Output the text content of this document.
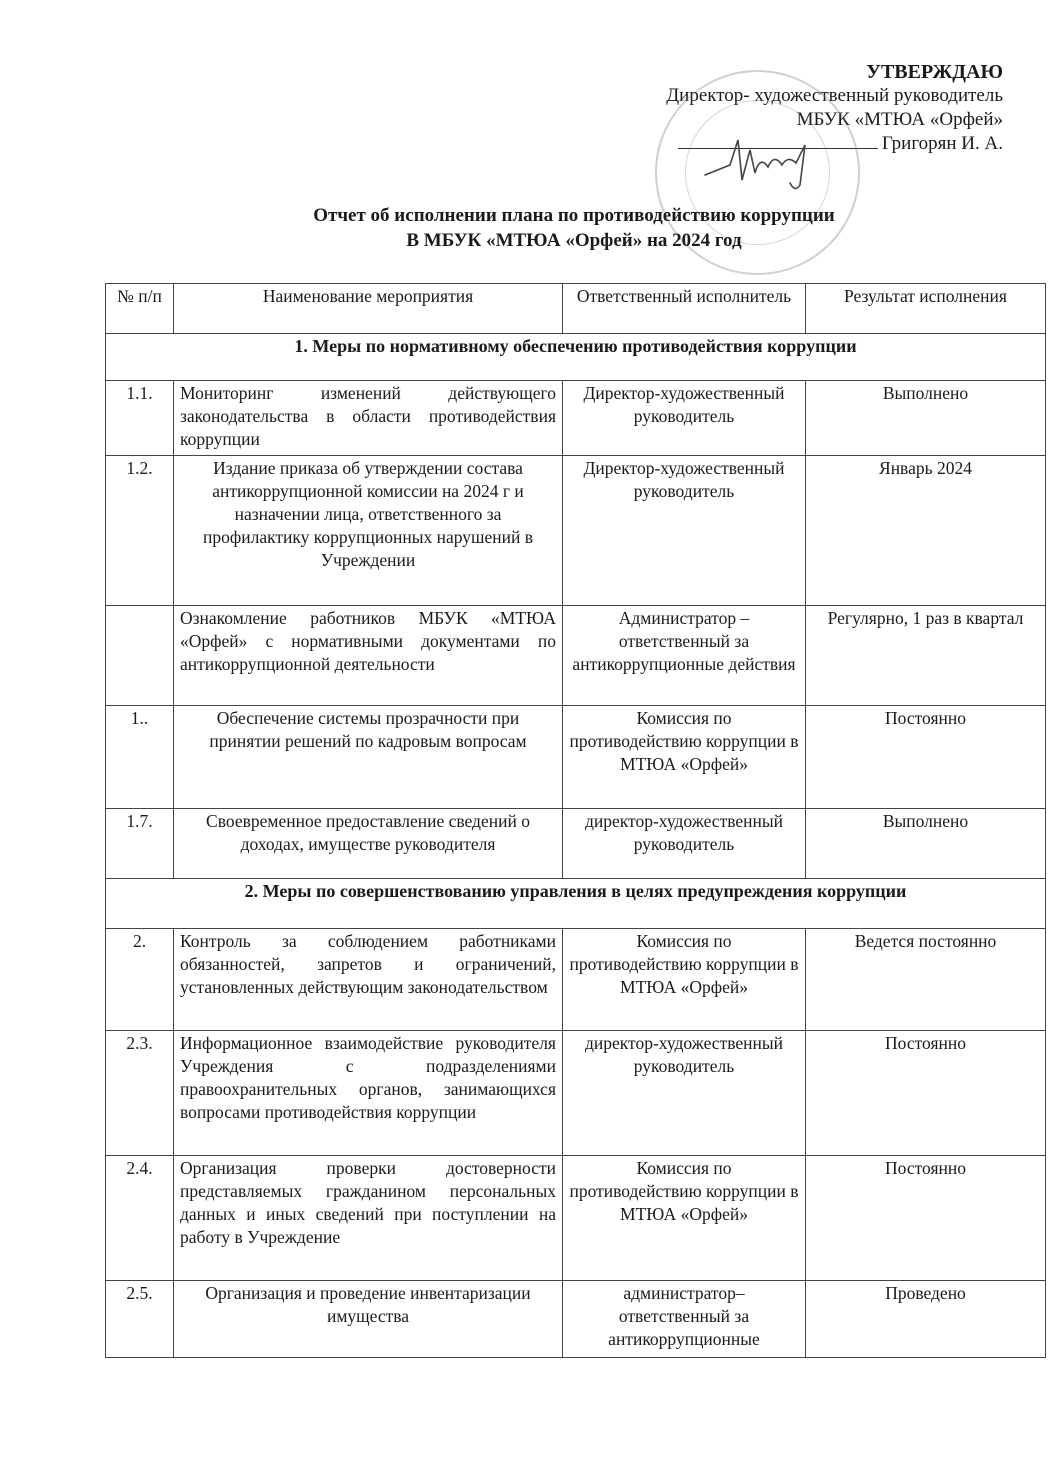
УТВЕРЖДАЮ
Директор- художественный руководитель
МБУК «МТЮА «Орфей»
Григорян И. А.
Отчет об исполнении плана по противодействию коррупции
В МБУК «МТЮА «Орфей» на 2024 год
№ п/п	Наименование мероприятия	Ответственный исполнитель	Результат исполнения
1. Меры по нормативному обеспечению противодействия коррупции			
1.1.	Мониторинг изменений действующего законодательства в области противодействия коррупции	Директор-художественный руководитель	Выполнено
1.2.	Издание приказа об утверждении состава антикоррупционной комиссии на 2024 г и назначении лица, ответственного за профилактику коррупционных нарушений в Учреждении	Директор-художественный руководитель	Январь 2024
	Ознакомление работников МБУК «МТЮА «Орфей» с нормативными документами по антикоррупционной деятельности	Администратор – ответственный за антикоррупционные действия	Регулярно, 1 раз в квартал
1..	Обеспечение системы прозрачности при принятии решений по кадровым вопросам	Комиссия по противодействию коррупции в МТЮА «Орфей»	Постоянно
1.7.	Своевременное предоставление сведений о доходах, имуществе руководителя	директор-художественный руководитель	Выполнено
2. Меры по совершенствованию управления в целях предупреждения коррупции			
2.	Контроль за соблюдением работниками обязанностей, запретов и ограничений, установленных действующим законодательством	Комиссия по противодействию коррупции в МТЮА «Орфей»	Ведется постоянно
2.3.	Информационное взаимодействие руководителя Учреждения с подразделениями правоохранительных органов, занимающихся вопросами противодействия коррупции	директор-художественный руководитель	Постоянно
2.4.	Организация проверки достоверности представляемых гражданином персональных данных и иных сведений при поступлении на работу в Учреждение	Комиссия по противодействию коррупции в МТЮА «Орфей»	Постоянно
2.5.	Организация и проведение инвентаризации имущества	администратор– ответственный за антикоррупционные	Проведено
